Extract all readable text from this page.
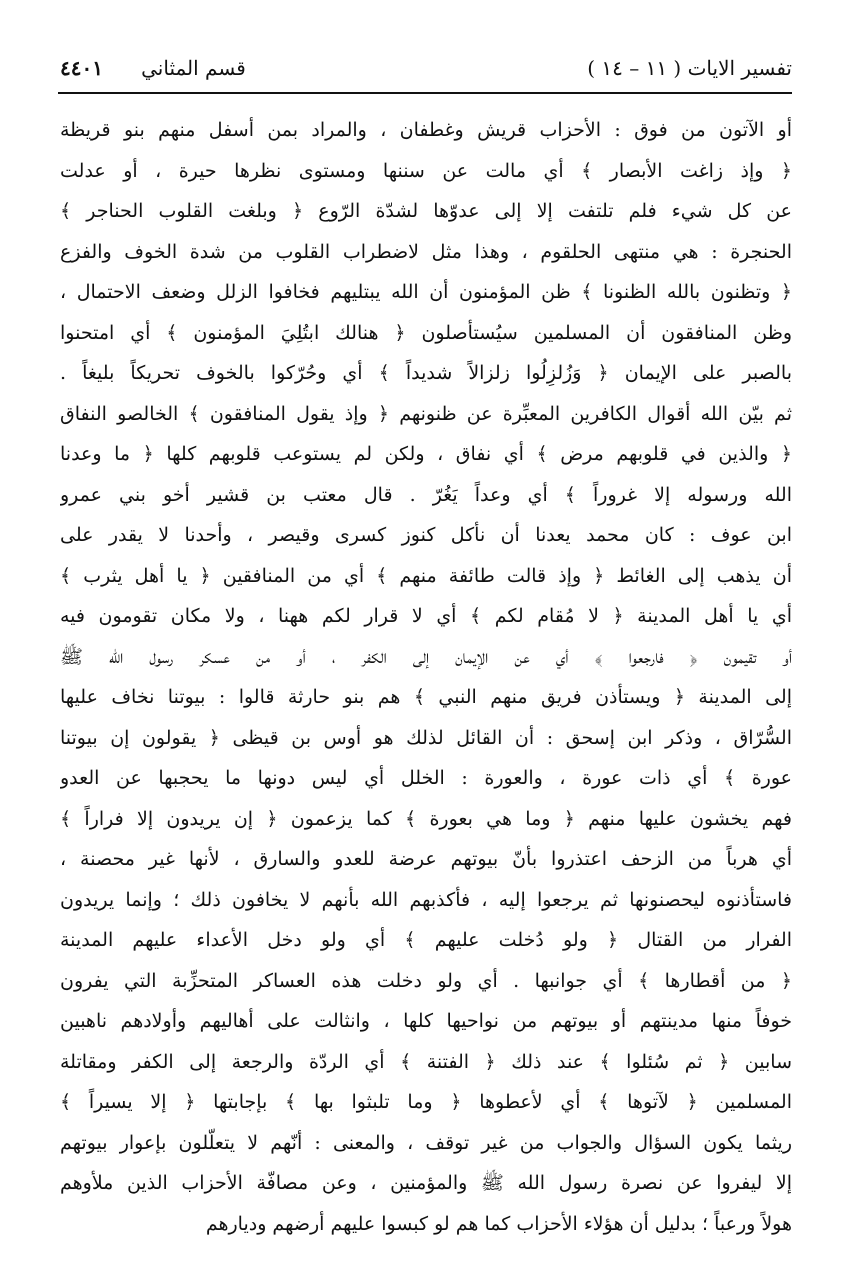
تفسير الايات ( ١١ – ١٤ )
قسم المثاني      ٤٤٠١
أو الآتون من فوق : الأحزاب قريش وغطفان ، والمراد بمن أسفل منهم بنو قريظة
﴿ وإذ زاغت الأبصار ﴾ أي مالت عن سننها ومستوى نظرها حيرة ، أو عدلت
عن كل شيء فلم تلتفت إلا إلى عدوّها لشدّة الرّوع ﴿ وبلغت القلوب الحناجر ﴾
الحنجرة : هي منتهى الحلقوم ، وهذا مثل لاضطراب القلوب من شدة الخوف والفزع
﴿ وتظنون بالله الظنونا ﴾ ظن المؤمنون أن الله يبتليهم فخافوا الزلل وضعف الاحتمال ،
وظن المنافقون أن المسلمين سيُستأصلون ﴿ هنالك ابتُلِيَ المؤمنون ﴾ أي امتحنوا
بالصبر على الإيمان ﴿ وَزُلزِلُوا زلزالاً شديداً ﴾ أي وحُرّكوا بالخوف تحريكاً بليغاً .
ثم بيّن الله أقوال الكافرين المعبِّرة عن ظنونهم ﴿ وإذ يقول المنافقون ﴾ الخالصو النفاق
﴿ والذين في قلوبهم مرض ﴾ أي نفاق ، ولكن لم يستوعب قلوبهم كلها ﴿ ما وعدنا
الله ورسوله إلا غروراً ﴾ أي وعداً يَغُرّ . قال معتب بن قشير أخو بني عمرو
ابن عوف : كان محمد يعدنا أن نأكل كنوز كسرى وقيصر ، وأحدنا لا يقدر على
أن يذهب إلى الغائط ﴿ وإذ قالت طائفة منهم ﴾ أي من المنافقين ﴿ يا أهل يثرب ﴾
أي يا أهل المدينة ﴿ لا مُقام لكم ﴾ أي لا قرار لكم ههنا ، ولا مكان تقومون فيه
أو تقيمون ﴿ فارجعوا ﴾ أي عن الإيمان إلى الكفر ، أو من عسكر رسول الله ﷺ
إلى المدينة ﴿ ويستأذن فريق منهم النبي ﴾ هم بنو حارثة قالوا : بيوتنا نخاف عليها
السُّرّاق ، وذكر ابن إسحق : أن القائل لذلك هو أوس بن قيظى ﴿ يقولون إن بيوتنا
عورة ﴾ أي ذات عورة ، والعورة : الخلل أي ليس دونها ما يحجبها عن العدو
فهم يخشون عليها منهم ﴿ وما هي بعورة ﴾ كما يزعمون ﴿ إن يريدون إلا فراراً ﴾
أي هرباً من الزحف اعتذروا بأنّ بيوتهم عرضة للعدو والسارق ، لأنها غير محصنة ،
فاستأذنوه ليحصنونها ثم يرجعوا إليه ، فأكذبهم الله بأنهم لا يخافون ذلك ؛ وإنما يريدون
الفرار من القتال ﴿ ولو دُخلت عليهم ﴾ أي ولو دخل الأعداء عليهم المدينة
﴿ من أقطارها ﴾ أي جوانبها . أي ولو دخلت هذه العساكر المتحزِّبة التي يفرون
خوفاً منها مدينتهم أو بيوتهم من نواحيها كلها ، وانثالت على أهاليهم وأولادهم ناهبين
سابين ﴿ ثم سُئلوا ﴾ عند ذلك ﴿ الفتنة ﴾ أي الردّة والرجعة إلى الكفر ومقاتلة
المسلمين ﴿ لآتوها ﴾ أي لأعطوها ﴿ وما تلبثوا بها ﴾ بإجابتها ﴿ إلا يسيراً ﴾
ريثما يكون السؤال والجواب من غير توقف ، والمعنى : أنّهم لا يتعلّلون بإعوار بيوتهم
إلا ليفروا عن نصرة رسول الله ﷺ والمؤمنين ، وعن مصافّة الأحزاب الذين ملأوهم
هولاً ورعباً ؛ بدليل أن هؤلاء الأحزاب كما هم لو كبسوا عليهم أرضهم وديارهم
